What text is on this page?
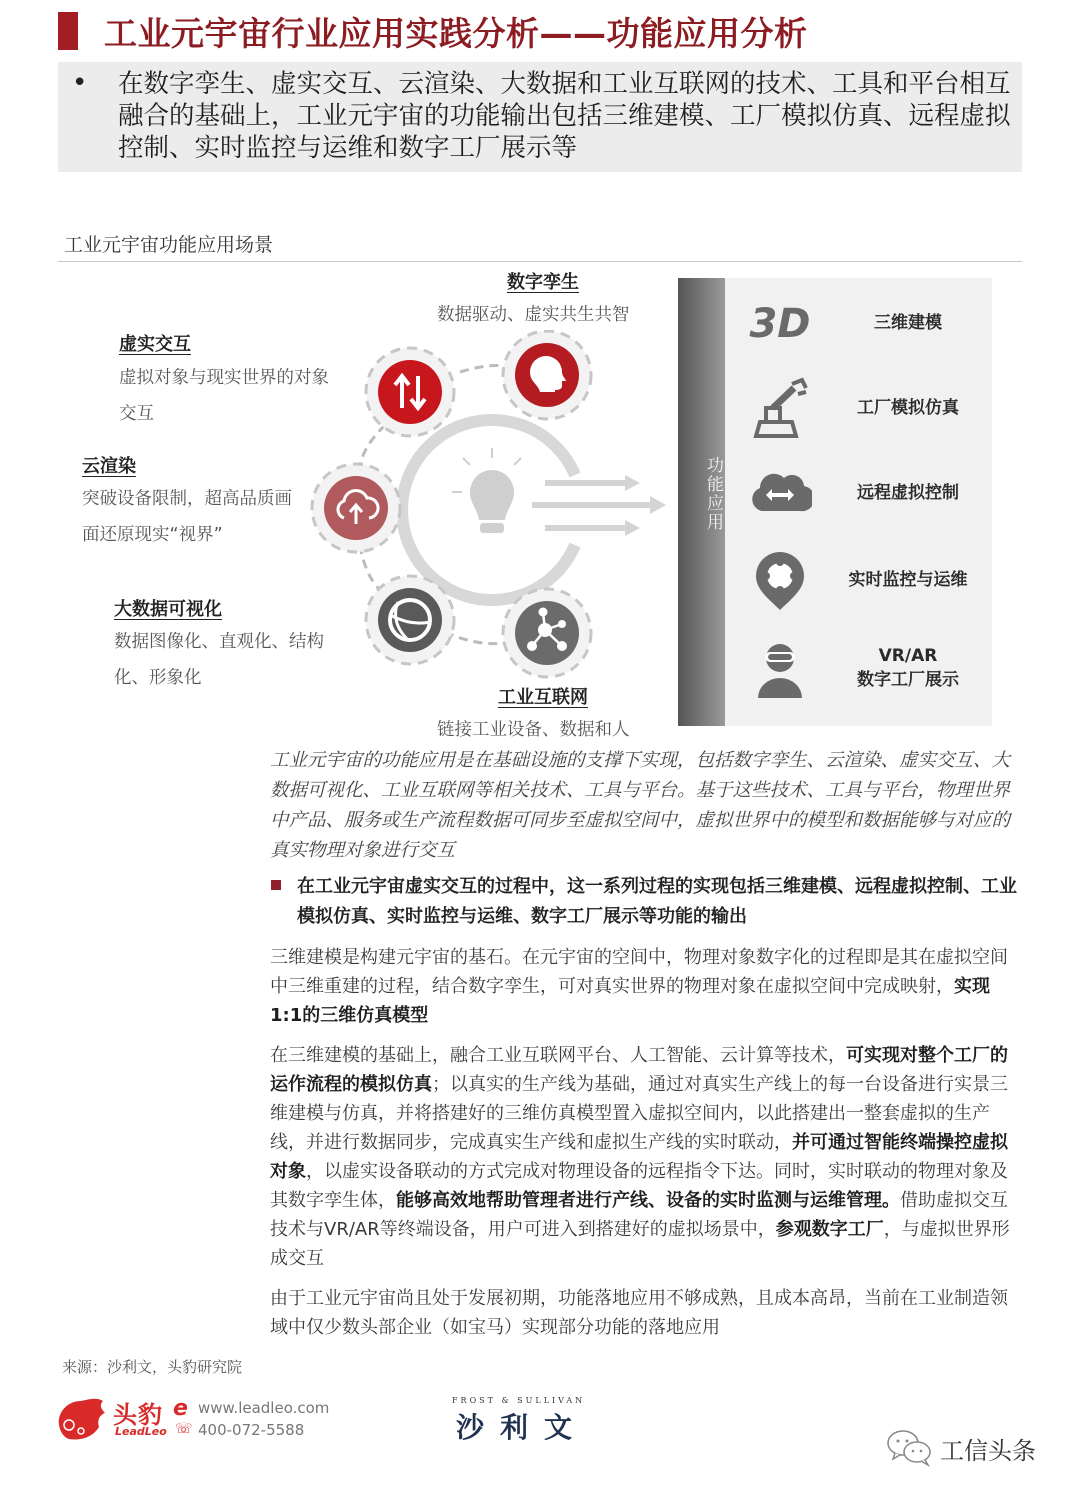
工业元宇宙行业应用实践分析——功能应用分析
• 在数字孪生、虚实交互、云渲染、大数据和工业互联网的技术、工具和平台相互融合的基础上，工业元宇宙的功能输出包括三维建模、工厂模拟仿真、远程虚拟控制、实时监控与运维和数字工厂展示等
工业元宇宙功能应用场景
数字孪生
数据驱动、虚实共生共智
虚实交互
虚拟对象与现实世界的对象交互
云渲染
突破设备限制，超高品质画面还原现实“视界”
大数据可视化
数据图像化、直观化、结构化、形象化
工业互联网
链接工业设备、数据和人
功能应用
3D	三维建模
工厂模拟仿真
远程虚拟控制
实时监控与运维
VR/AR
数字工厂展示
工业元宇宙的功能应用是在基础设施的支撑下实现，包括数字孪生、云渲染、虚实交互、大数据可视化、工业互联网等相关技术、工具与平台。基于这些技术、工具与平台，物理世界中产品、服务或生产流程数据可同步至虚拟空间中，虚拟世界中的模型和数据能够与对应的真实物理对象进行交互
在工业元宇宙虚实交互的过程中，这一系列过程的实现包括三维建模、远程虚拟控制、工业模拟仿真、实时监控与运维、数字工厂展示等功能的输出
三维建模是构建元宇宙的基石。在元宇宙的空间中，物理对象数字化的过程即是其在虚拟空间中三维重建的过程，结合数字孪生，可对真实世界的物理对象在虚拟空间中完成映射，实现1:1的三维仿真模型
在三维建模的基础上，融合工业互联网平台、人工智能、云计算等技术，可实现对整个工厂的运作流程的模拟仿真；以真实的生产线为基础，通过对真实生产线上的每一台设备进行实景三维建模与仿真，并将搭建好的三维仿真模型置入虚拟空间内，以此搭建出一整套虚拟的生产线，并进行数据同步，完成真实生产线和虚拟生产线的实时联动，并可通过智能终端操控虚拟对象，以虚实设备联动的方式完成对物理设备的远程指令下达。同时，实时联动的物理对象及其数字孪生体，能够高效地帮助管理者进行产线、设备的实时监测与运维管理。借助虚拟交互技术与VR/AR等终端设备，用户可进入到搭建好的虚拟场景中，参观数字工厂，与虚拟世界形成交互
由于工业元宇宙尚且处于发展初期，功能落地应用不够成熟，且成本高昂，当前在工业制造领域中仅少数头部企业（如宝马）实现部分功能的落地应用
来源：沙利文，头豹研究院
头豹
LeadLeo
e www.leadleo.com
☏ 400-072-5588
FROST & SULLIVAN
沙利文
工信头条
